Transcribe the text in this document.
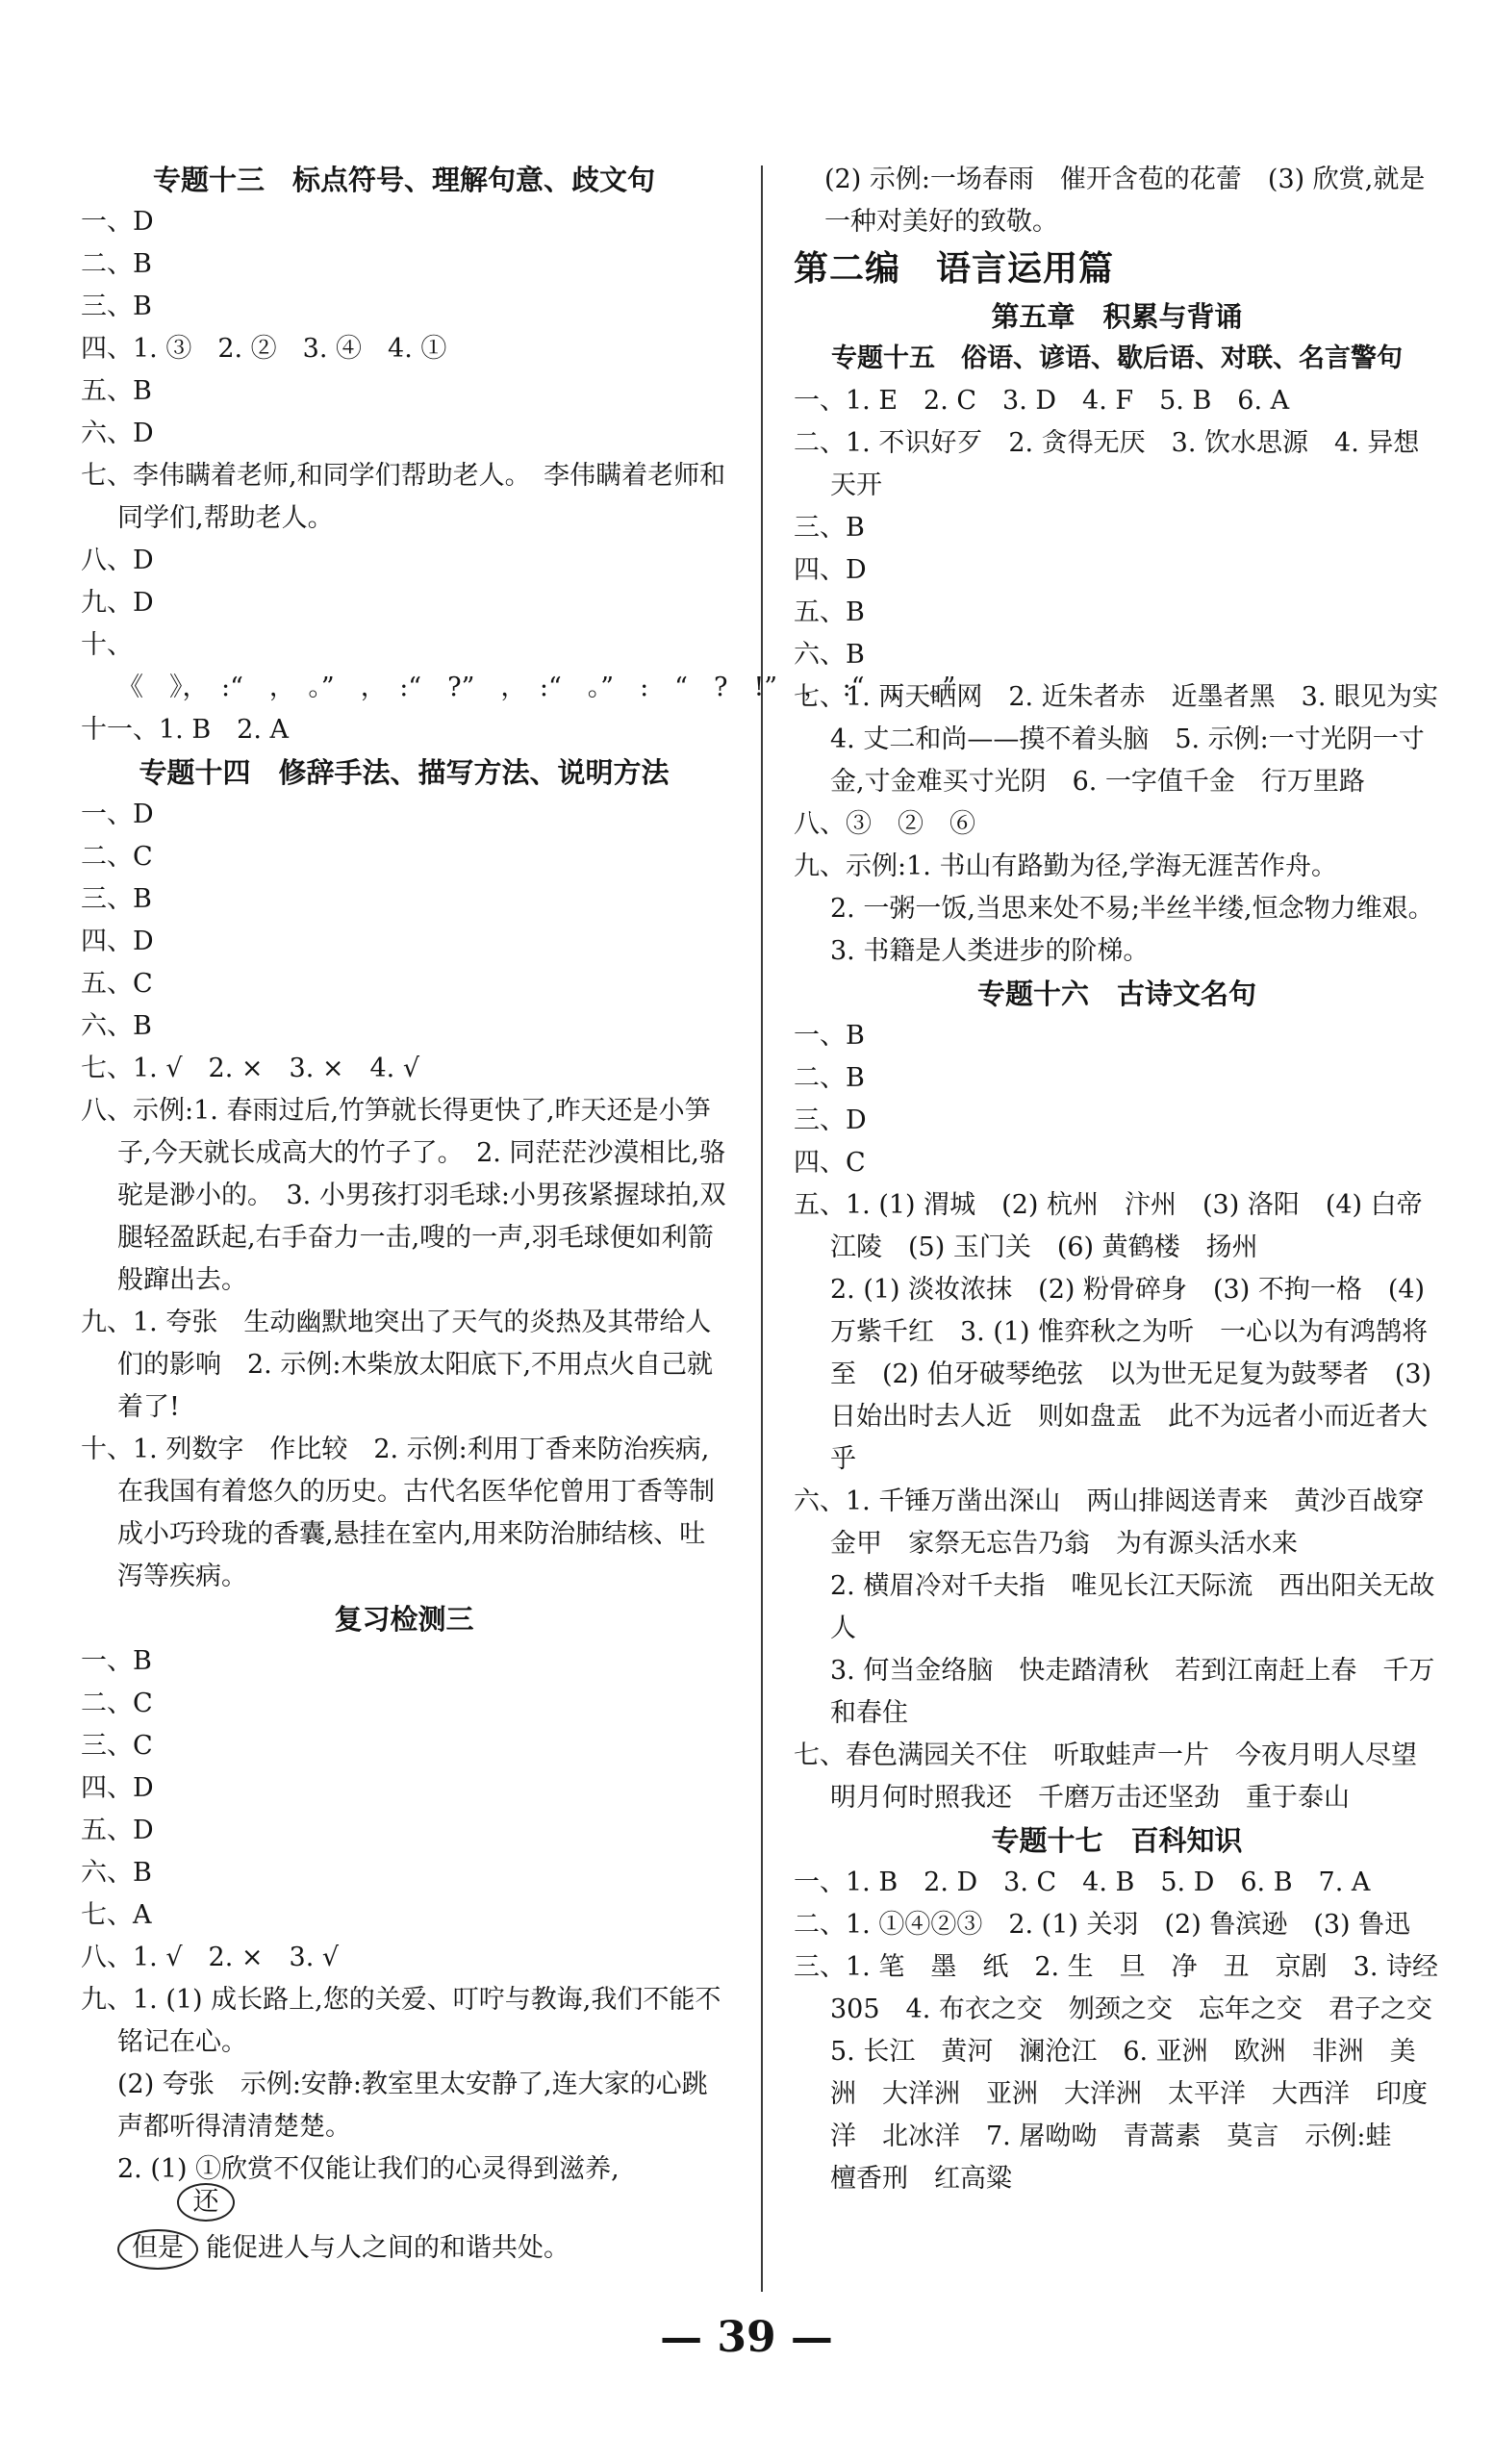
专题十三　标点符号、理解句意、歧文句
一、D
二、B
三、B
四、1. ③　2. ②　3. ④　4. ①
五、B
六、D
七、李伟瞒着老师,和同学们帮助老人。　李伟瞒着老师和同学们,帮助老人。
八、D
九、D
十、《　》，　:“　，　。”　，　:“　?”　，　:“　。”　:　“　?　!”　，　:“　，　。”
十一、1. B　2. A
专题十四　修辞手法、描写方法、说明方法
一、D
二、C
三、B
四、D
五、C
六、B
七、1. √　2. ×　3. ×　4. √
八、示例:1. 春雨过后,竹笋就长得更快了,昨天还是小笋子,今天就长成高大的竹子了。　2. 同茫茫沙漠相比,骆驼是渺小的。　3. 小男孩打羽毛球:小男孩紧握球拍,双腿轻盈跃起,右手奋力一击,嗖的一声,羽毛球便如利箭般蹿出去。
九、1. 夸张　生动幽默地突出了天气的炎热及其带给人们的影响　2. 示例:木柴放太阳底下,不用点火自己就着了!
十、1. 列数字　作比较　2. 示例:利用丁香来防治疾病,在我国有着悠久的历史。古代名医华佗曾用丁香等制成小巧玲珑的香囊,悬挂在室内,用来防治肺结核、吐泻等疾病。
复习检测三
一、B
二、C
三、C
四、D
五、D
六、B
七、A
八、1. √　2. ×　3. √
九、1. (1) 成长路上,您的关爱、叮咛与教诲,我们不能不铭记在心。
(2) 夸张　示例:安静:教室里太安静了,连大家的心跳声都听得清清楚楚。
2. (1) ①欣赏不仅能让我们的心灵得到滋养,
还
但是 能促进人与人之间的和谐共处。
(2) 示例:一场春雨　催开含苞的花蕾　(3) 欣赏,就是一种对美好的致敬。
第二编　语言运用篇
第五章　积累与背诵
专题十五　俗语、谚语、歇后语、对联、名言警句
一、1. E　2. C　3. D　4. F　5. B　6. A
二、1. 不识好歹　2. 贪得无厌　3. 饮水思源　4. 异想天开
三、B
四、D
五、B
六、B
七、1. 两天晒网　2. 近朱者赤　近墨者黑　3. 眼见为实　4. 丈二和尚——摸不着头脑　5. 示例:一寸光阴一寸金,寸金难买寸光阴　6. 一字值千金　行万里路
八、③　②　⑥
九、示例:1. 书山有路勤为径,学海无涯苦作舟。
2. 一粥一饭,当思来处不易;半丝半缕,恒念物力维艰。　3. 书籍是人类进步的阶梯。
专题十六　古诗文名句
一、B
二、B
三、D
四、C
五、1. (1) 渭城　(2) 杭州　汴州　(3) 洛阳　(4) 白帝　江陵　(5) 玉门关　(6) 黄鹤楼　扬州
2. (1) 淡妆浓抹　(2) 粉骨碎身　(3) 不拘一格　(4) 万紫千红　3. (1) 惟弈秋之为听　一心以为有鸿鹄将至　(2) 伯牙破琴绝弦　以为世无足复为鼓琴者　(3) 日始出时去人近　则如盘盂　此不为远者小而近者大乎
六、1. 千锤万凿出深山　两山排闼送青来　黄沙百战穿金甲　家祭无忘告乃翁　为有源头活水来
2. 横眉冷对千夫指　唯见长江天际流　西出阳关无故人
3. 何当金络脑　快走踏清秋　若到江南赶上春　千万和春住
七、春色满园关不住　听取蛙声一片　今夜月明人尽望　明月何时照我还　千磨万击还坚劲　重于泰山
专题十七　百科知识
一、1. B　2. D　3. C　4. B　5. D　6. B　7. A
二、1. ①④②③　2. (1) 关羽　(2) 鲁滨逊　(3) 鲁迅
三、1. 笔　墨　纸　2. 生　旦　净　丑　京剧　3. 诗经　305　4. 布衣之交　刎颈之交　忘年之交　君子之交　5. 长江　黄河　澜沧江　6. 亚洲　欧洲　非洲　美洲　大洋洲　亚洲　大洋洲　太平洋　大西洋　印度洋　北冰洋　7. 屠呦呦　青蒿素　莫言　示例:蛙　檀香刑　红高粱
— 39 —
